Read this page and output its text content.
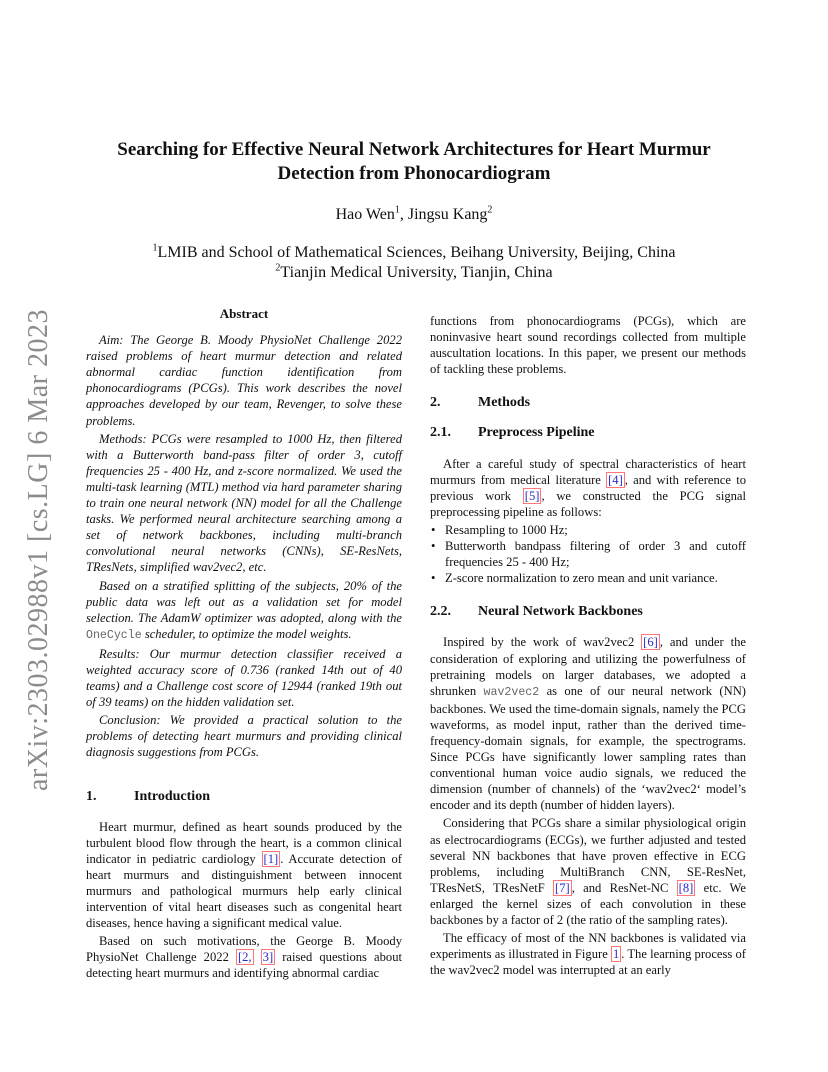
arXiv:2303.02988v1 [cs.LG] 6 Mar 2023
Searching for Effective Neural Network Architectures for Heart Murmur
Detection from Phonocardiogram
Hao Wen$^1$, Jingsu Kang$^2$
$^1$LMIB and School of Mathematical Sciences, Beihang University, Beijing, China
$^2$Tianjin Medical University, Tianjin, China
Abstract

Aim: The George B. Moody PhysioNet Challenge 2022 raised problems of heart murmur detection and related abnormal cardiac function identification from phonocardiograms (PCGs). This work describes the novel approaches developed by our team, Revenger, to solve these problems.

Methods: PCGs were resampled to 1000 Hz, then filtered with a Butterworth band-pass filter of order 3, cutoff frequencies 25 - 400 Hz, and z-score normalized. We used the multi-task learning (MTL) method via hard parameter sharing to train one neural network (NN) model for all the Challenge tasks. We performed neural architecture searching among a set of network backbones, including multi-branch convolutional neural networks (CNNs), SE-ResNets, TResNets, simplified wav2vec2, etc.

Based on a stratified splitting of the subjects, 20% of the public data was left out as a validation set for model selection. The AdamW optimizer was adopted, along with the OneCycle scheduler, to optimize the model weights.

Results: Our murmur detection classifier received a weighted accuracy score of 0.736 (ranked 14th out of 40 teams) and a Challenge cost score of 12944 (ranked 19th out of 39 teams) on the hidden validation set.

Conclusion: We provided a practical solution to the problems of detecting heart murmurs and providing clinical diagnosis suggestions from PCGs.

1.	Introduction

Heart murmur, defined as heart sounds produced by the turbulent blood flow through the heart, is a common clinical indicator in pediatric cardiology [1] . Accurate detection of heart murmurs and distinguishment between innocent murmurs and pathological murmurs help early clinical intervention of vital heart diseases such as congenital heart diseases, hence having a significant medical value.

Based on such motivations, the George B. Moody PhysioNet Challenge 2022 [2, 3] raised questions about detecting heart murmurs and identifying abnormal cardiac

functions from phonocardiograms (PCGs), which are noninvasive heart sound recordings collected from multiple auscultation locations. In this paper, we present our methods of tackling these problems.

2.	Methods
2.1.	Preprocess Pipeline

After a careful study of spectral characteristics of heart murmurs from medical literature [4] , and with reference to previous work [5] , we constructed the PCG signal preprocessing pipeline as follows:

• Resampling to 1000 Hz;
• Butterworth bandpass filtering of order 3 and cutoff frequencies 25 - 400 Hz;
• Z-score normalization to zero mean and unit variance.
2.2.	Neural Network Backbones

Inspired by the work of wav2vec2 [6] , and under the consideration of exploring and utilizing the powerfulness of pretraining models on larger databases, we adopted a shrunken wav2vec2 as one of our neural network (NN) backbones. We used the time-domain signals, namely the PCG waveforms, as model input, rather than the derived time-frequency-domain signals, for example, the spectrograms. Since PCGs have significantly lower sampling rates than conventional human voice audio signals, we reduced the dimension (number of channels) of the ‘wav2vec2‘ model’s encoder and its depth (number of hidden layers).

Considering that PCGs share a similar physiological origin as electrocardiograms (ECGs), we further adjusted and tested several NN backbones that have proven effective in ECG problems, including MultiBranch CNN, SE-ResNet, TResNetS, TResNetF [7] , and ResNet-NC [8] etc. We enlarged the kernel sizes of each convolution in these backbones by a factor of 2 (the ratio of the sampling rates).

The efficacy of most of the NN backbones is validated via experiments as illustrated in Figure 1 . The learning process of the wav2vec2 model was interrupted at an early
